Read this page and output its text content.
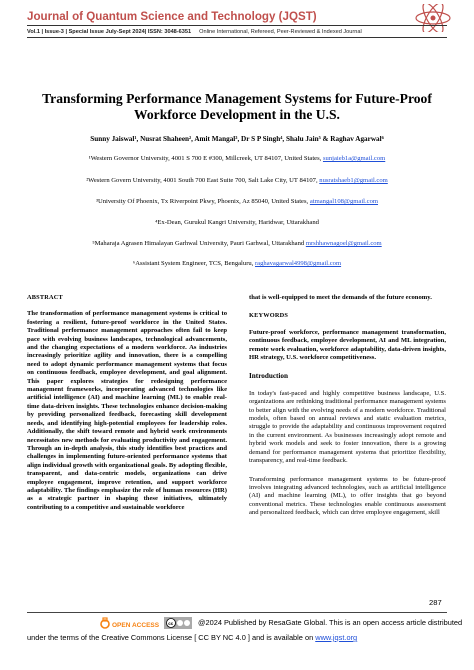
Journal of Quantum Science and Technology (JQST)
Vol.1 | Issue-3 | Special Issue July-Sept 2024| ISSN: 3048-6351 Online International, Refereed, Peer-Reviewed & Indexed Journal
Transforming Performance Management Systems for Future-Proof
Workforce Development in the U.S.
Sunny Jaiswal¹, Nusrat Shaheen², Amit Mangal³, Dr S P Singh⁴, Shalu Jain⁵ & Raghav Agarwal⁶
¹Western Governor University, 4001 S 700 E #300, Millcreek, UT 84107, United States, sunjaieb1a@gmail.com
²Western Govern University, 4001 South 700 East Suite 700, Salt Lake City, UT 84107, nusratshaeb1@gmail.com
³University Of Phoenix, Tx Riverpoint Pkwy, Phoenix, Az 85040, United States, atmangal108@gmail.com
⁴Ex-Dean, Gurukul Kangri University, Haridwar, Uttarakhand
⁵Maharaja Agrasen Himalayan Garhwal University, Pauri Garhwal, Uttarakhand mrshhawnagoel@gmail.com
⁶Assistant System Engineer, TCS, Bengaluru, raghavagarwal4998@gmail.com
ABSTRACT
The transformation of performance management systems is critical to fostering a resilient, future-proof workforce in the United States. Traditional performance management approaches often fail to keep pace with evolving business landscapes, technological advancements, and the changing expectations of a modern workforce. As industries increasingly prioritize agility and innovation, there is a compelling need to adopt dynamic performance management systems that focus on continuous feedback, employee development, and goal alignment. This paper explores strategies for redesigning performance management frameworks, incorporating advanced technologies like artificial intelligence (AI) and machine learning (ML) to enable real-time data-driven insights. These technologies enhance decision-making by providing personalized feedback, forecasting skill development needs, and identifying high-potential employees for leadership roles. Additionally, the shift toward remote and hybrid work environments necessitates new methods for evaluating productivity and engagement. Through an in-depth analysis, this study identifies best practices and challenges in implementing future-oriented performance systems that align individual growth with organizational goals. By adopting flexible, transparent, and data-centric models, organizations can drive employee engagement, improve retention, and support workforce adaptability. The findings emphasize the role of human resources (HR) as a strategic partner in shaping these initiatives, ultimately contributing to a competitive and sustainable workforce
that is well-equipped to meet the demands of the future economy.
KEYWORDS
Future-proof workforce, performance management transformation, continuous feedback, employee development, AI and ML integration, remote work evaluation, workforce adaptability, data-driven insights, HR strategy, U.S. workforce competitiveness.
Introduction
In today's fast-paced and highly competitive business landscape, U.S. organizations are rethinking traditional performance management systems to better align with the evolving needs of a modern workforce. Traditional models, often based on annual reviews and static evaluation metrics, struggle to provide the adaptability and continuous improvement required in the current environment. As businesses increasingly adopt remote and hybrid work models and seek to foster innovation, there is a growing demand for performance management systems that prioritize flexibility, transparency, and real-time feedback.
Transforming performance management systems to be future-proof involves integrating advanced technologies, such as artificial intelligence (AI) and machine learning (ML), to offer insights that go beyond conventional metrics. These technologies enable continuous assessment and personalized feedback, which can drive employee engagement, skill
287
OPEN ACCESS cc	@2024 Published by ResaGate Global. This is an open access article distributed
under the terms of the Creative Commons License [ CC BY NC 4.0 ] and is available on www.jqst.org
